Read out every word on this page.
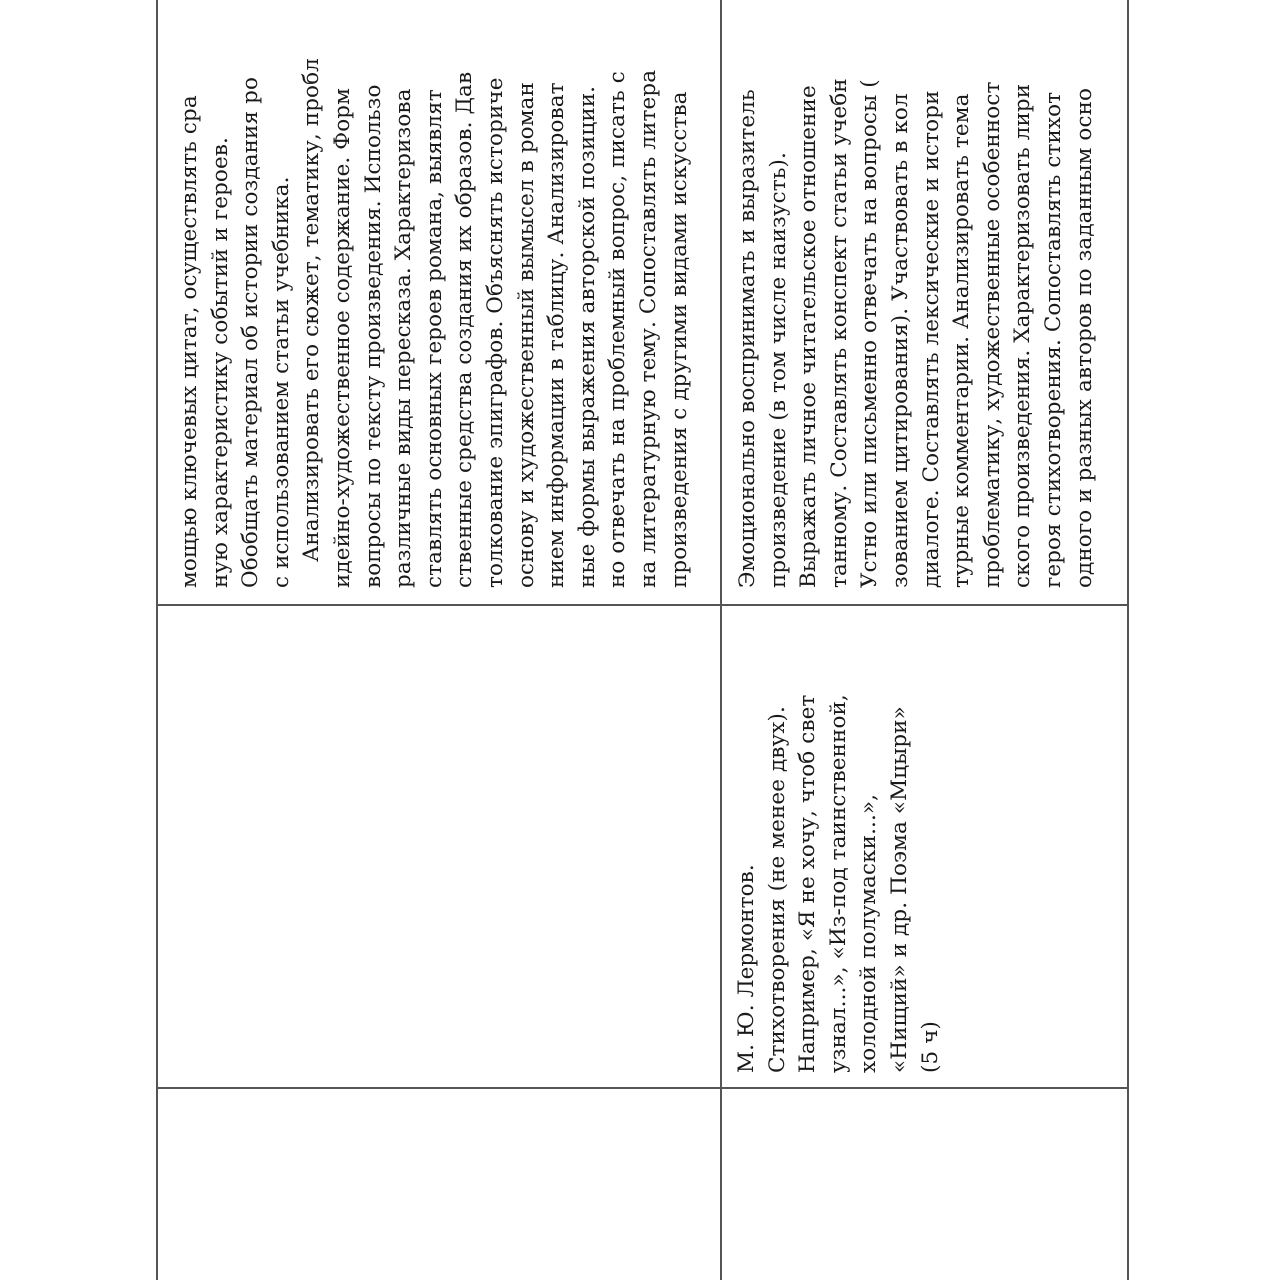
мощью ключевых цитат, осуществлять сра ную характеристику событий и героев. Обобщать материал об истории создания ро с использованием статьи учебника. Анализировать его сюжет, тематику, пробл идейно-художественное содержание. Форм вопросы по тексту произведения. Использо различные виды пересказа. Характеризова ставлять основных героев романа, выявлят ственные средства создания их образов. Дав толкование эпиграфов. Объяснять историче основу и художественный вымысел в роман нием информации в таблицу. Анализироват ные формы выражения авторской позиции. но отвечать на проблемный вопрос, писать с на литературную тему. Сопоставлять литера произведения с другими видами искусства
М. Ю. Лермонтов. Стихотворения (не менее двух). Например, «Я не хочу, чтоб свет узнал...», «Из-под таинственной, холодной полумаски...», «Нищий» и др. Поэма «Мцыри» (5 ч)
Эмоционально воспринимать и выразитель произведение (в том числе наизусть). Выражать личное читательское отношение танному. Составлять конспект статьи учебн Устно или письменно отвечать на вопросы ( зованием цитирования). Участвовать в кол диалоге. Составлять лексические и истори турные комментарии. Анализировать тема проблематику, художественные особенност ского произведения. Характеризовать лири героя стихотворения. Сопоставлять стихот одного и разных авторов по заданным осно
